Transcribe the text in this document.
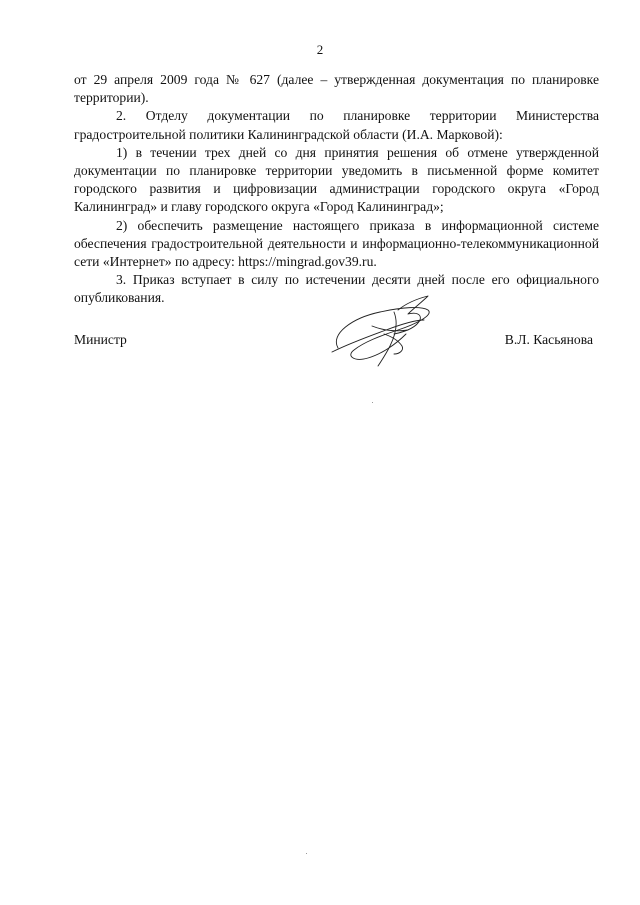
2

от 29 апреля 2009 года № 627 (далее – утвержденная документация по планировке территории).

2. Отделу документации по планировке территории Министерства градостроительной политики Калининградской области (И.А. Марковой):

1) в течении трех дней со дня принятия решения об отмене утвержденной документации по планировке территории уведомить в письменной форме комитет городского развития и цифровизации администрации городского округа «Город Калининград» и главу городского округа «Город Калининград»;

2) обеспечить размещение настоящего приказа в информационной системе обеспечения градостроительной деятельности и информационно-телекоммуникационной сети «Интернет» по адресу: https://mingrad.gov39.ru.

3. Приказ вступает в силу по истечении десяти дней после его официального опубликования.

Министр	В.Л. Касьянова
